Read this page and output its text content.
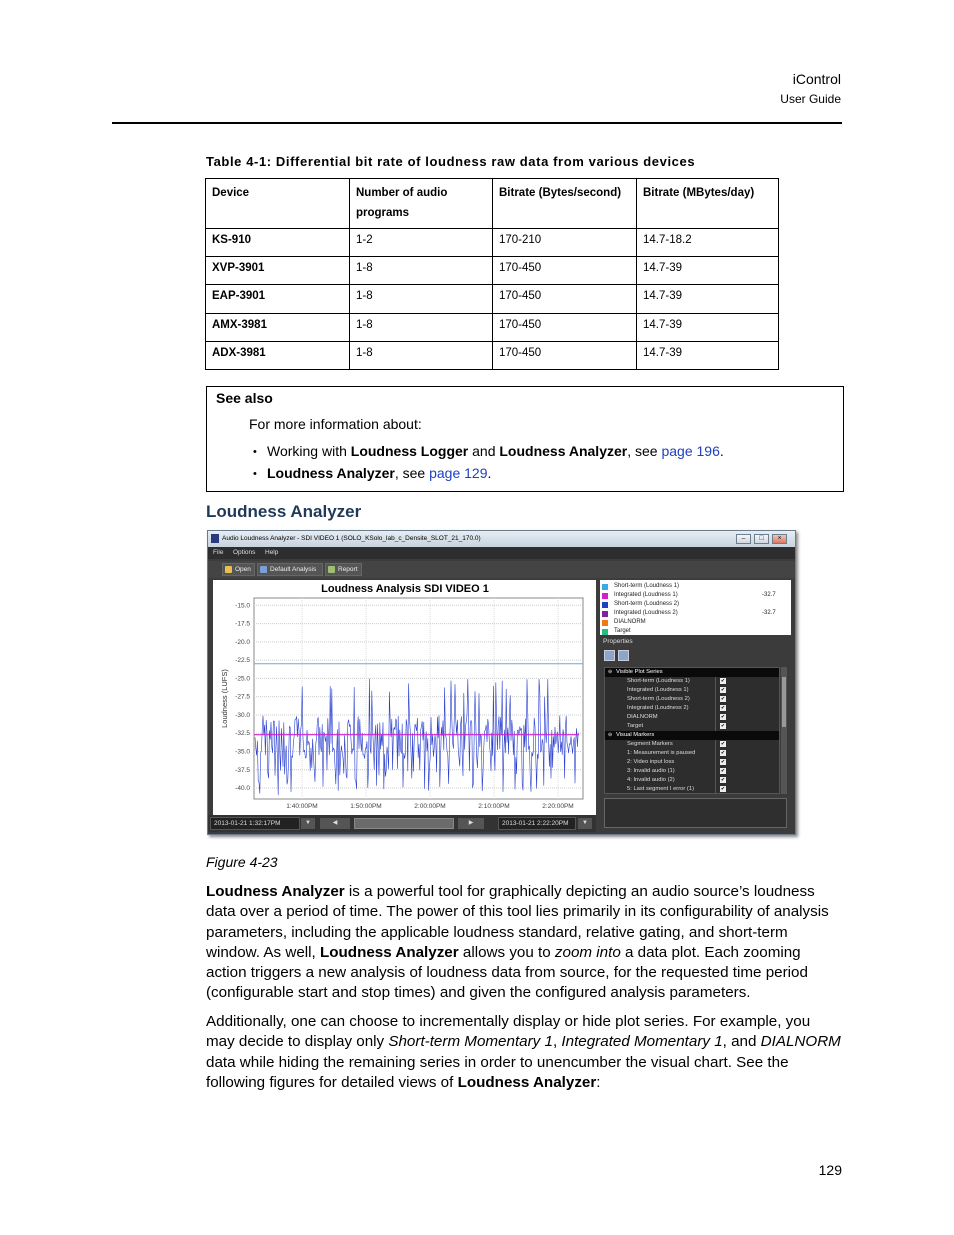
iControl
User Guide
Table 4-1: Differential bit rate of loudness raw data from various devices
Device	Number of audio programs	Bitrate (Bytes/second)	Bitrate (MBytes/day)
KS-910	1-2	170-210	14.7-18.2
XVP-3901	1-8	170-450	14.7-39
EAP-3901	1-8	170-450	14.7-39
AMX-3981	1-8	170-450	14.7-39
ADX-3981	1-8	170-450	14.7-39
See also
For more information about:
• Working with Loudness Logger and Loudness Analyzer, see page 196.
• Loudness Analyzer, see page 129.
Loudness Analyzer
Audio Loudness Analyzer - SDI VIDEO 1 (SOLO_KSolo_lab_c_Densite_SLOT_21_170.0)	–	□	×
File Options Help
Open	Default Analysis	Report
Loudness Analysis SDI VIDEO 1
-15.0
-17.5
-20.0
-22.5
-25.0
-27.5
-30.0
-32.5
-35.0
-37.5
-40.0
1:40:00PM	1:50:00PM	2:00:00PM	2:10:00PM	2:20:00PM
Loudness (LUFS)
Short-term (Loudness 1)
Integrated (Loudness 1)	-32.7
Short-term (Loudness 2)
Integrated (Loudness 2)	-32.7
DIALNORM
Target
Properties
Visible Plot Series
⊖
Short-term (Loudness 1)	✔
Integrated (Loudness 1)	✔
Short-term (Loudness 2)	✔
Integrated (Loudness 2)	✔
DIALNORM	✔
Target	✔
Visual Markers
⊖
Segment Markers	✔
1: Measurement is paused	✔
2: Video input loss	✔
3: Invalid audio (1)	✔
4: Invalid audio (2)	✔
5: Last segment I error (1)	✔
2013-01-21 1:32:17PM	▼	◀	▶	2013-01-21 2:22:20PM	▼
Figure 4-23
Loudness Analyzer is a powerful tool for graphically depicting an audio source’s loudness data over a period of time. The power of this tool lies primarily in its configurability of analysis parameters, including the applicable loudness standard, relative gating, and short-term window. As well, Loudness Analyzer allows you to zoom into a data plot. Each zooming action triggers a new analysis of loudness data from source, for the requested time period (configurable start and stop times) and given the configured analysis parameters.
Additionally, one can choose to incrementally display or hide plot series. For example, you may decide to display only Short-term Momentary 1, Integrated Momentary 1, and DIALNORM data while hiding the remaining series in order to unencumber the visual chart. See the following figures for detailed views of Loudness Analyzer:
129
